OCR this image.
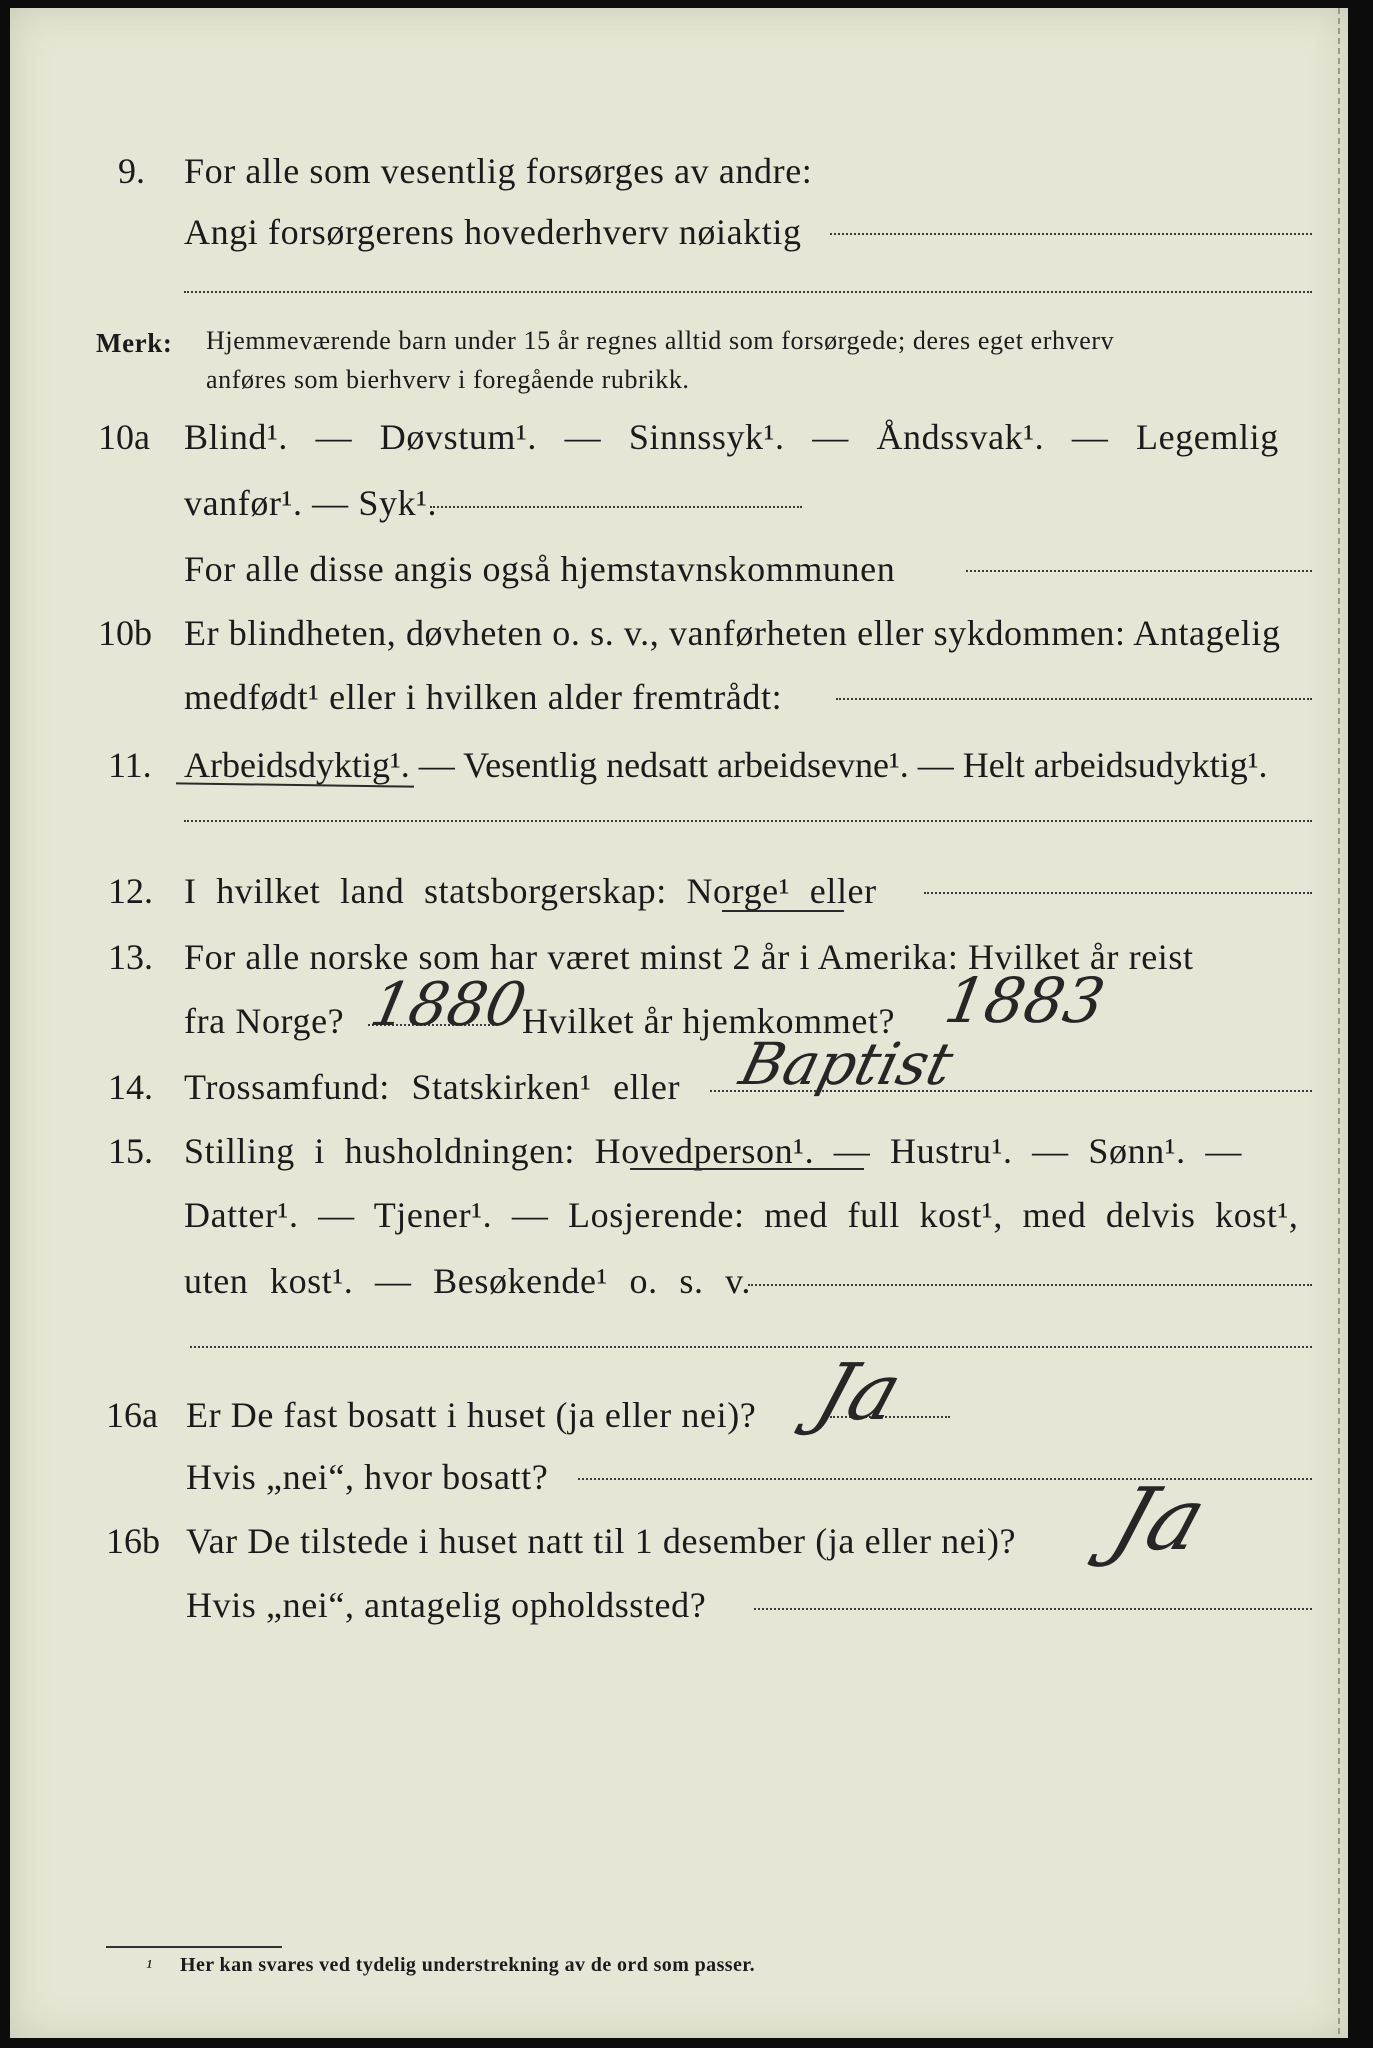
9. For alle som vesentlig forsørges av andre:
Angi forsørgerens hovederhverv nøiaktig
Merk: Hjemmeværende barn under 15 år regnes alltid som forsørgede; deres eget erhverv
anføres som bierhverv i foregående rubrikk.
10a Blind¹. — Døvstum¹. — Sinnssyk¹. — Åndssvak¹. — Legemlig
vanfør¹. — Syk¹.
For alle disse angis også hjemstavnskommunen
10b Er blindheten, døvheten o. s. v., vanførheten eller sykdommen: Antagelig
medfødt¹ eller i hvilken alder fremtrådt:
11. Arbeidsdyktig¹. — Vesentlig nedsatt arbeidsevne¹. — Helt arbeidsudyktig¹.
12. I hvilket land statsborgerskap: Norge¹ eller
13. For alle norske som har været minst 2 år i Amerika: Hvilket år reist
fra Norge? 1880
Hvilket år hjemkommet? 1883
14. Trossamfund: Statskirken¹ eller Baptist
15. Stilling i husholdningen: Hovedperson¹. — Hustru¹. — Sønn¹. —
Datter¹. — Tjener¹. — Losjerende: med full kost¹, med delvis kost¹,
uten kost¹. — Besøkende¹ o. s. v.
16a Er De fast bosatt i huset (ja eller nei)? Ja
Hvis „nei“, hvor bosatt?
16b Var De tilstede i huset natt til 1 desember (ja eller nei)? Ja
Hvis „nei“, antagelig opholdssted?
¹ Her kan svares ved tydelig understrekning av de ord som passer.
